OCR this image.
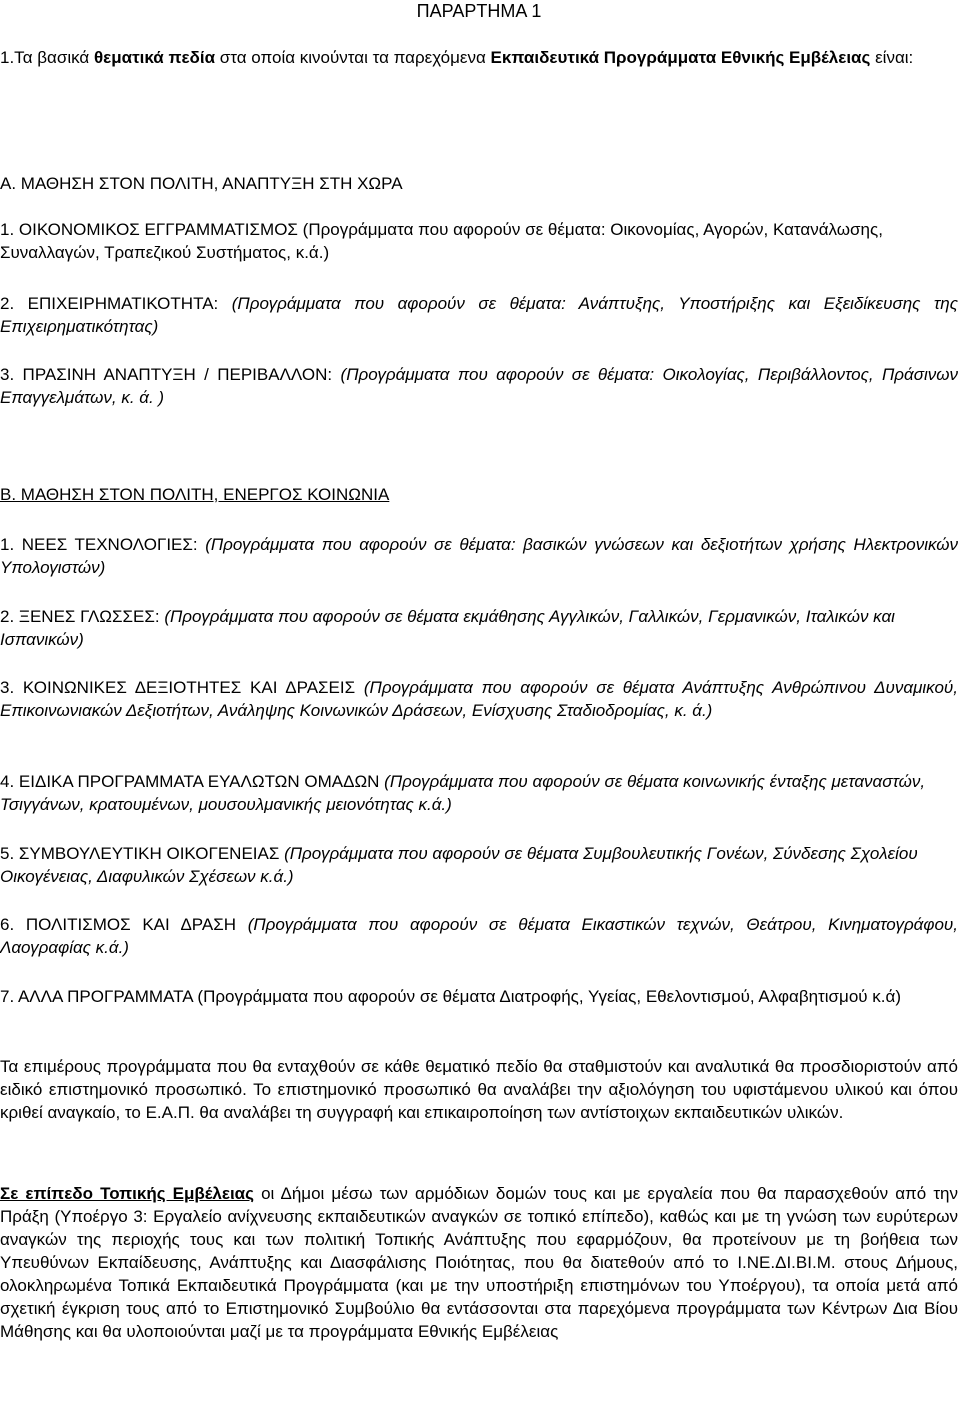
ΠΑΡΑΡΤΗΜΑ 1

1.Τα βασικά θεματικά πεδία στα οποία κινούνται τα παρεχόμενα Εκπαιδευτικά Προγράμματα Εθνικής Εμβέλειας είναι:

Α. ΜΑΘΗΣΗ ΣΤΟΝ ΠΟΛΙΤΗ, ΑΝΑΠΤΥΞΗ ΣΤΗ ΧΩΡΑ

1. ΟΙΚΟΝΟΜΙΚΟΣ ΕΓΓΡΑΜΜΑΤΙΣΜΟΣ (Προγράμματα που αφορούν σε θέματα: Οικονομίας, Αγορών, Κατανάλωσης, Συναλλαγών, Τραπεζικού Συστήματος, κ.ά.)

2. ΕΠΙΧΕΙΡΗΜΑΤΙΚΟΤΗΤΑ: (Προγράμματα που αφορούν σε θέματα: Ανάπτυξης, Υποστήριξης και Εξειδίκευσης της Επιχειρηματικότητας)

3. ΠΡΑΣΙΝΗ ΑΝΑΠΤΥΞΗ / ΠΕΡΙΒΑΛΛΟΝ: (Προγράμματα που αφορούν σε θέματα: Οικολογίας, Περιβάλλοντος, Πράσινων Επαγγελμάτων, κ. ά. )

Β. ΜΑΘΗΣΗ ΣΤΟΝ ΠΟΛΙΤΗ, ΕΝΕΡΓΟΣ ΚΟΙΝΩΝΙΑ

1. ΝΕΕΣ ΤΕΧΝΟΛΟΓΙΕΣ: (Προγράμματα που αφορούν σε θέματα: βασικών γνώσεων και δεξιοτήτων χρήσης Ηλεκτρονικών Υπολογιστών)

2. ΞΕΝΕΣ ΓΛΩΣΣΕΣ: (Προγράμματα που αφορούν σε θέματα εκμάθησης Αγγλικών, Γαλλικών, Γερμανικών, Ιταλικών και Ισπανικών)

3. ΚΟΙΝΩΝΙΚΕΣ ΔΕΞΙΟΤΗΤΕΣ ΚΑΙ ΔΡΑΣΕΙΣ (Προγράμματα που αφορούν σε θέματα Ανάπτυξης Ανθρώπινου Δυναμικού, Επικοινωνιακών Δεξιοτήτων, Ανάληψης Κοινωνικών Δράσεων, Ενίσχυσης Σταδιοδρομίας, κ. ά.)

4. ΕΙΔΙΚΑ ΠΡΟΓΡΑΜΜΑΤΑ ΕΥΑΛΩΤΩΝ ΟΜΑΔΩΝ (Προγράμματα που αφορούν σε θέματα κοινωνικής ένταξης μεταναστών, Τσιγγάνων, κρατουμένων, μουσουλμανικής μειονότητας κ.ά.)

5. ΣΥΜΒΟΥΛΕΥΤΙΚΗ ΟΙΚΟΓΕΝΕΙΑΣ (Προγράμματα που αφορούν σε θέματα Συμβουλευτικής Γονέων, Σύνδεσης Σχολείου Οικογένειας, Διαφυλικών Σχέσεων κ.ά.)

6. ΠΟΛΙΤΙΣΜΟΣ ΚΑΙ ΔΡΑΣΗ (Προγράμματα που αφορούν σε θέματα Εικαστικών τεχνών, Θεάτρου, Κινηματογράφου, Λαογραφίας κ.ά.)

7. ΑΛΛΑ ΠΡΟΓΡΑΜΜΑΤΑ (Προγράμματα που αφορούν σε θέματα Διατροφής, Υγείας, Εθελοντισμού, Αλφαβητισμού κ.ά)

Τα επιμέρους προγράμματα που θα ενταχθούν σε κάθε θεματικό πεδίο θα σταθμιστούν και αναλυτικά θα προσδιοριστούν από ειδικό επιστημονικό προσωπικό. Το επιστημονικό προσωπικό θα αναλάβει την αξιολόγηση του υφιστάμενου υλικού και όπου κριθεί αναγκαίο, το Ε.Α.Π. θα αναλάβει τη συγγραφή και επικαιροποίηση των αντίστοιχων εκπαιδευτικών υλικών.

Σε επίπεδο Τοπικής Εμβέλειας οι Δήμοι μέσω των αρμόδιων δομών τους και με εργαλεία που θα παρασχεθούν από την Πράξη (Υποέργο 3: Εργαλείο ανίχνευσης εκπαιδευτικών αναγκών σε τοπικό επίπεδο), καθώς και με τη γνώση των ευρύτερων αναγκών της περιοχής τους και των πολιτική Τοπικής Ανάπτυξης που εφαρμόζουν, θα προτείνουν με τη βοήθεια των Υπευθύνων Εκπαίδευσης, Ανάπτυξης και Διασφάλισης Ποιότητας, που θα διατεθούν από το Ι.ΝΕ.ΔΙ.ΒΙ.Μ. στους Δήμους, ολοκληρωμένα Τοπικά Εκπαιδευτικά Προγράμματα (και με την υποστήριξη επιστημόνων του Υποέργου), τα οποία μετά από σχετική έγκριση τους από το Επιστημονικό Συμβούλιο θα εντάσσονται στα παρεχόμενα προγράμματα των Κέντρων Δια Βίου Μάθησης και θα υλοποιούνται μαζί με τα προγράμματα Εθνικής Εμβέλειας
